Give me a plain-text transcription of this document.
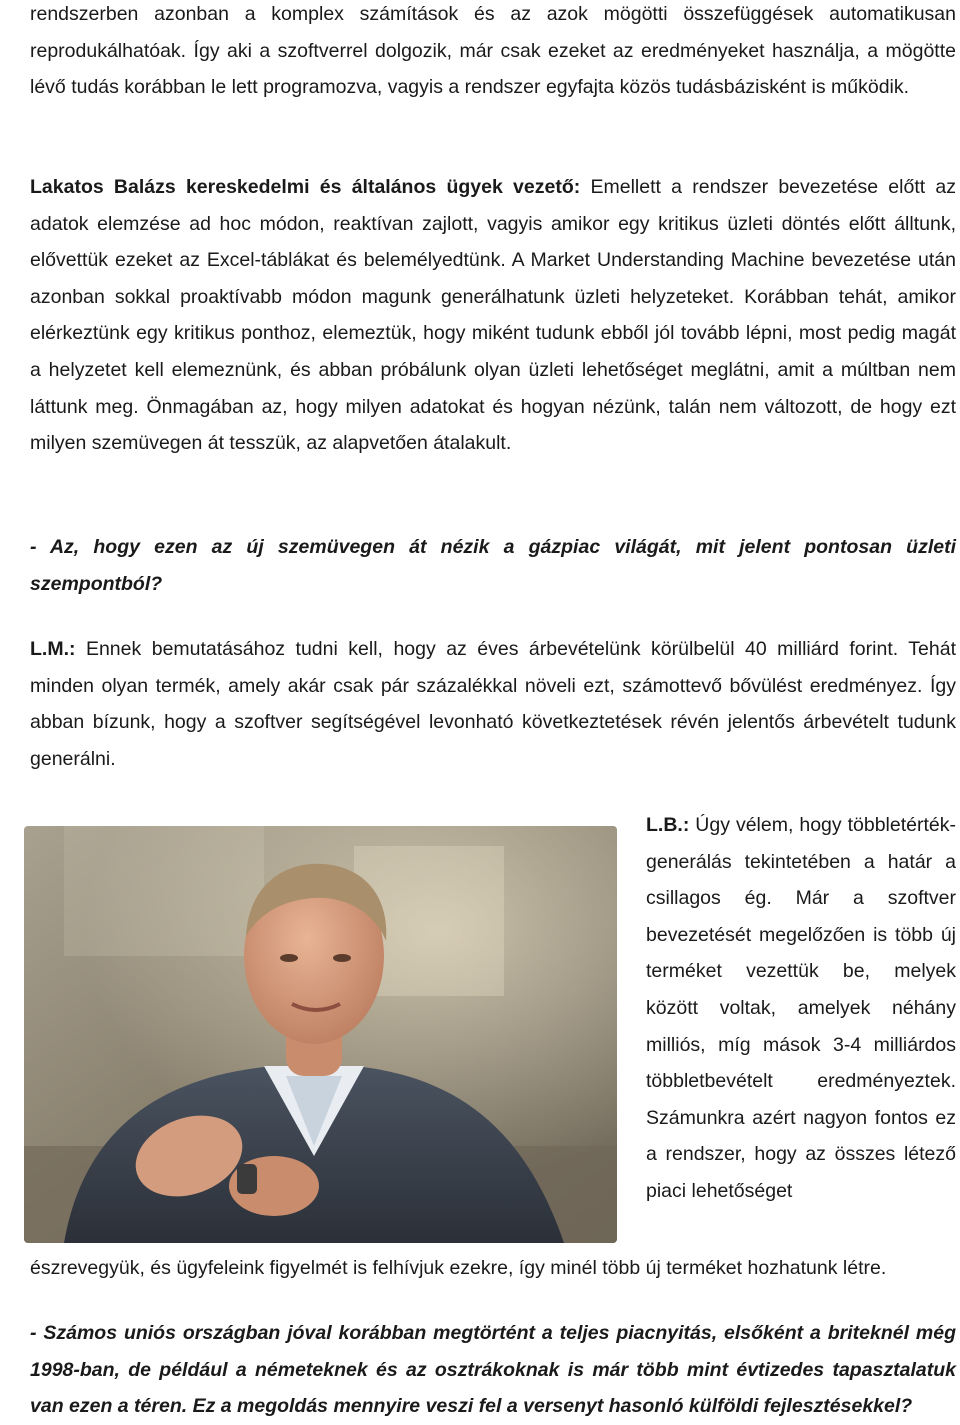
rendszerben azonban a komplex számítások és az azok mögötti összefüggések automatikusan reprodukálhatóak. Így aki a szoftverrel dolgozik, már csak ezeket az eredményeket használja, a mögötte lévő tudás korábban le lett programozva, vagyis a rendszer egyfajta közös tudásbázisként is működik.

Lakatos Balázs kereskedelmi és általános ügyek vezető: Emellett a rendszer bevezetése előtt az adatok elemzése ad hoc módon, reaktívan zajlott, vagyis amikor egy kritikus üzleti döntés előtt álltunk, elővettük ezeket az Excel-táblákat és belemélyedtünk. A Market Understanding Machine bevezetése után azonban sokkal proaktívabb módon magunk generálhatunk üzleti helyzeteket. Korábban tehát, amikor elérkeztünk egy kritikus ponthoz, elemeztük, hogy miként tudunk ebből jól tovább lépni, most pedig magát a helyzetet kell elemeznünk, és abban próbálunk olyan üzleti lehetőséget meglátni, amit a múltban nem láttunk meg. Önmagában az, hogy milyen adatokat és hogyan nézünk, talán nem változott, de hogy ezt milyen szemüvegen át tesszük, az alapvetően átalakult.

- Az, hogy ezen az új szemüvegen át nézik a gázpiac világát, mit jelent pontosan üzleti szempontból?

L.M.: Ennek bemutatásához tudni kell, hogy az éves árbevételünk körülbelül 40 milliárd forint. Tehát minden olyan termék, amely akár csak pár százalékkal növeli ezt, számottevő bővülést eredményez. Így abban bízunk, hogy a szoftver segítségével levonható következtetések révén jelentős árbevételt tudunk generálni.

L.B.: Úgy vélem, hogy többletérték-generálás tekintetében a határ a csillagos ég. Már a szoftver bevezetését megelőzően is több új terméket vezettük be, melyek között voltak, amelyek néhány milliós, míg mások 3-4 milliárdos többletbevételt eredményeztek. Számunkra azért nagyon fontos ez a rendszer, hogy az összes létező piaci lehetőséget

észrevegyük, és ügyfeleink figyelmét is felhívjuk ezekre, így minél több új terméket hozhatunk létre.

- Számos uniós országban jóval korábban megtörtént a teljes piacnyitás, elsőként a briteknél még 1998-ban, de például a németeknek és az osztrákoknak is már több mint évtizedes tapasztalatuk van ezen a téren. Ez a megoldás mennyire veszi fel a versenyt hasonló külföldi fejlesztésekkel?
